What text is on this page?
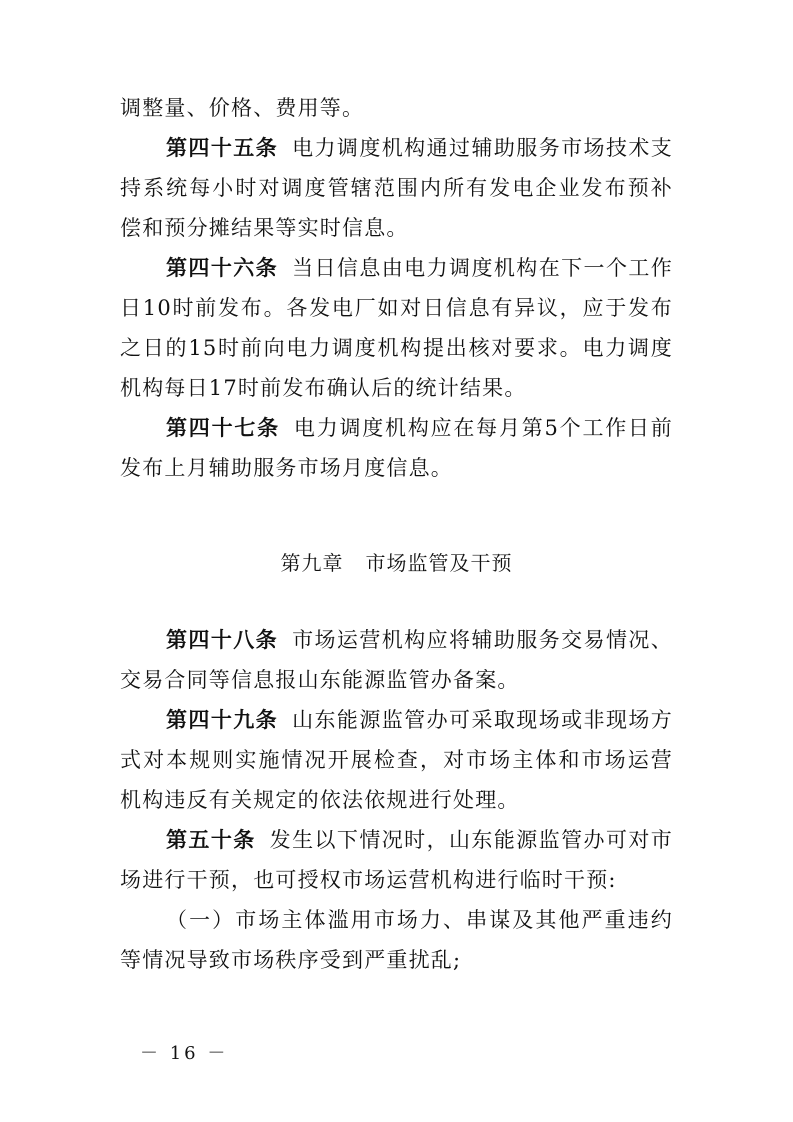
调整量、价格、费用等。

第四十五条 电力调度机构通过辅助服务市场技术支持系统每小时对调度管辖范围内所有发电企业发布预补偿和预分摊结果等实时信息。

第四十六条 当日信息由电力调度机构在下一个工作日10时前发布。各发电厂如对日信息有异议，应于发布之日的15时前向电力调度机构提出核对要求。电力调度机构每日17时前发布确认后的统计结果。

第四十七条 电力调度机构应在每月第5个工作日前发布上月辅助服务市场月度信息。

第九章 市场监管及干预

第四十八条 市场运营机构应将辅助服务交易情况、交易合同等信息报山东能源监管办备案。

第四十九条 山东能源监管办可采取现场或非现场方式对本规则实施情况开展检查，对市场主体和市场运营机构违反有关规定的依法依规进行处理。

第五十条 发生以下情况时，山东能源监管办可对市场进行干预，也可授权市场运营机构进行临时干预:

（一）市场主体滥用市场力、串谋及其他严重违约等情况导致市场秩序受到严重扰乱;

－ 16 －
